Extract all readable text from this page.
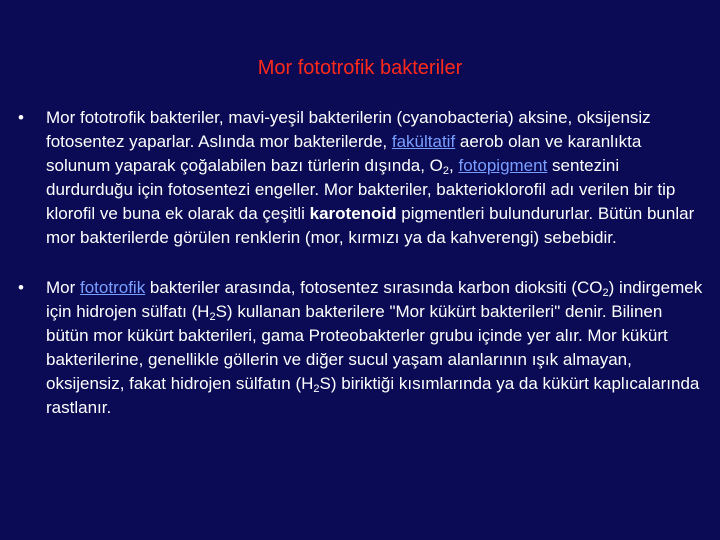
Mor fototrofik bakteriler
•	Mor fototrofik bakteriler, mavi-yeşil bakterilerin (cyanobacteria) aksine, oksijensiz fotosentez yaparlar. Aslında mor bakterilerde, fakültatif aerob olan ve karanlıkta solunum yaparak çoğalabilen bazı türlerin dışında, $O_2$, fotopigment sentezini durdurduğu için fotosentezi engeller. Mor bakteriler, bakterioklorofil adı verilen bir tip klorofil ve buna ek olarak da çeşitli karotenoid pigmentleri bulundururlar. Bütün bunlar mor bakterilerde görülen renklerin (mor, kırmızı ya da kahverengi) sebebidir.
•	Mor fototrofik bakteriler arasında, fotosentez sırasında karbon dioksiti $(CO_2)$ indirgemek için hidrojen sülfatı $(H_2S)$ kullanan bakterilere "Mor kükürt bakterileri" denir. Bilinen bütün mor kükürt bakterileri, gama Proteobakterler grubu içinde yer alır. Mor kükürt bakterilerine, genellikle göllerin ve diğer sucul yaşam alanlarının ışık almayan, oksijensiz, fakat hidrojen sülfatın $(H_2S)$ biriktiği kısımlarında ya da kükürt kaplıcalarında rastlanır.
